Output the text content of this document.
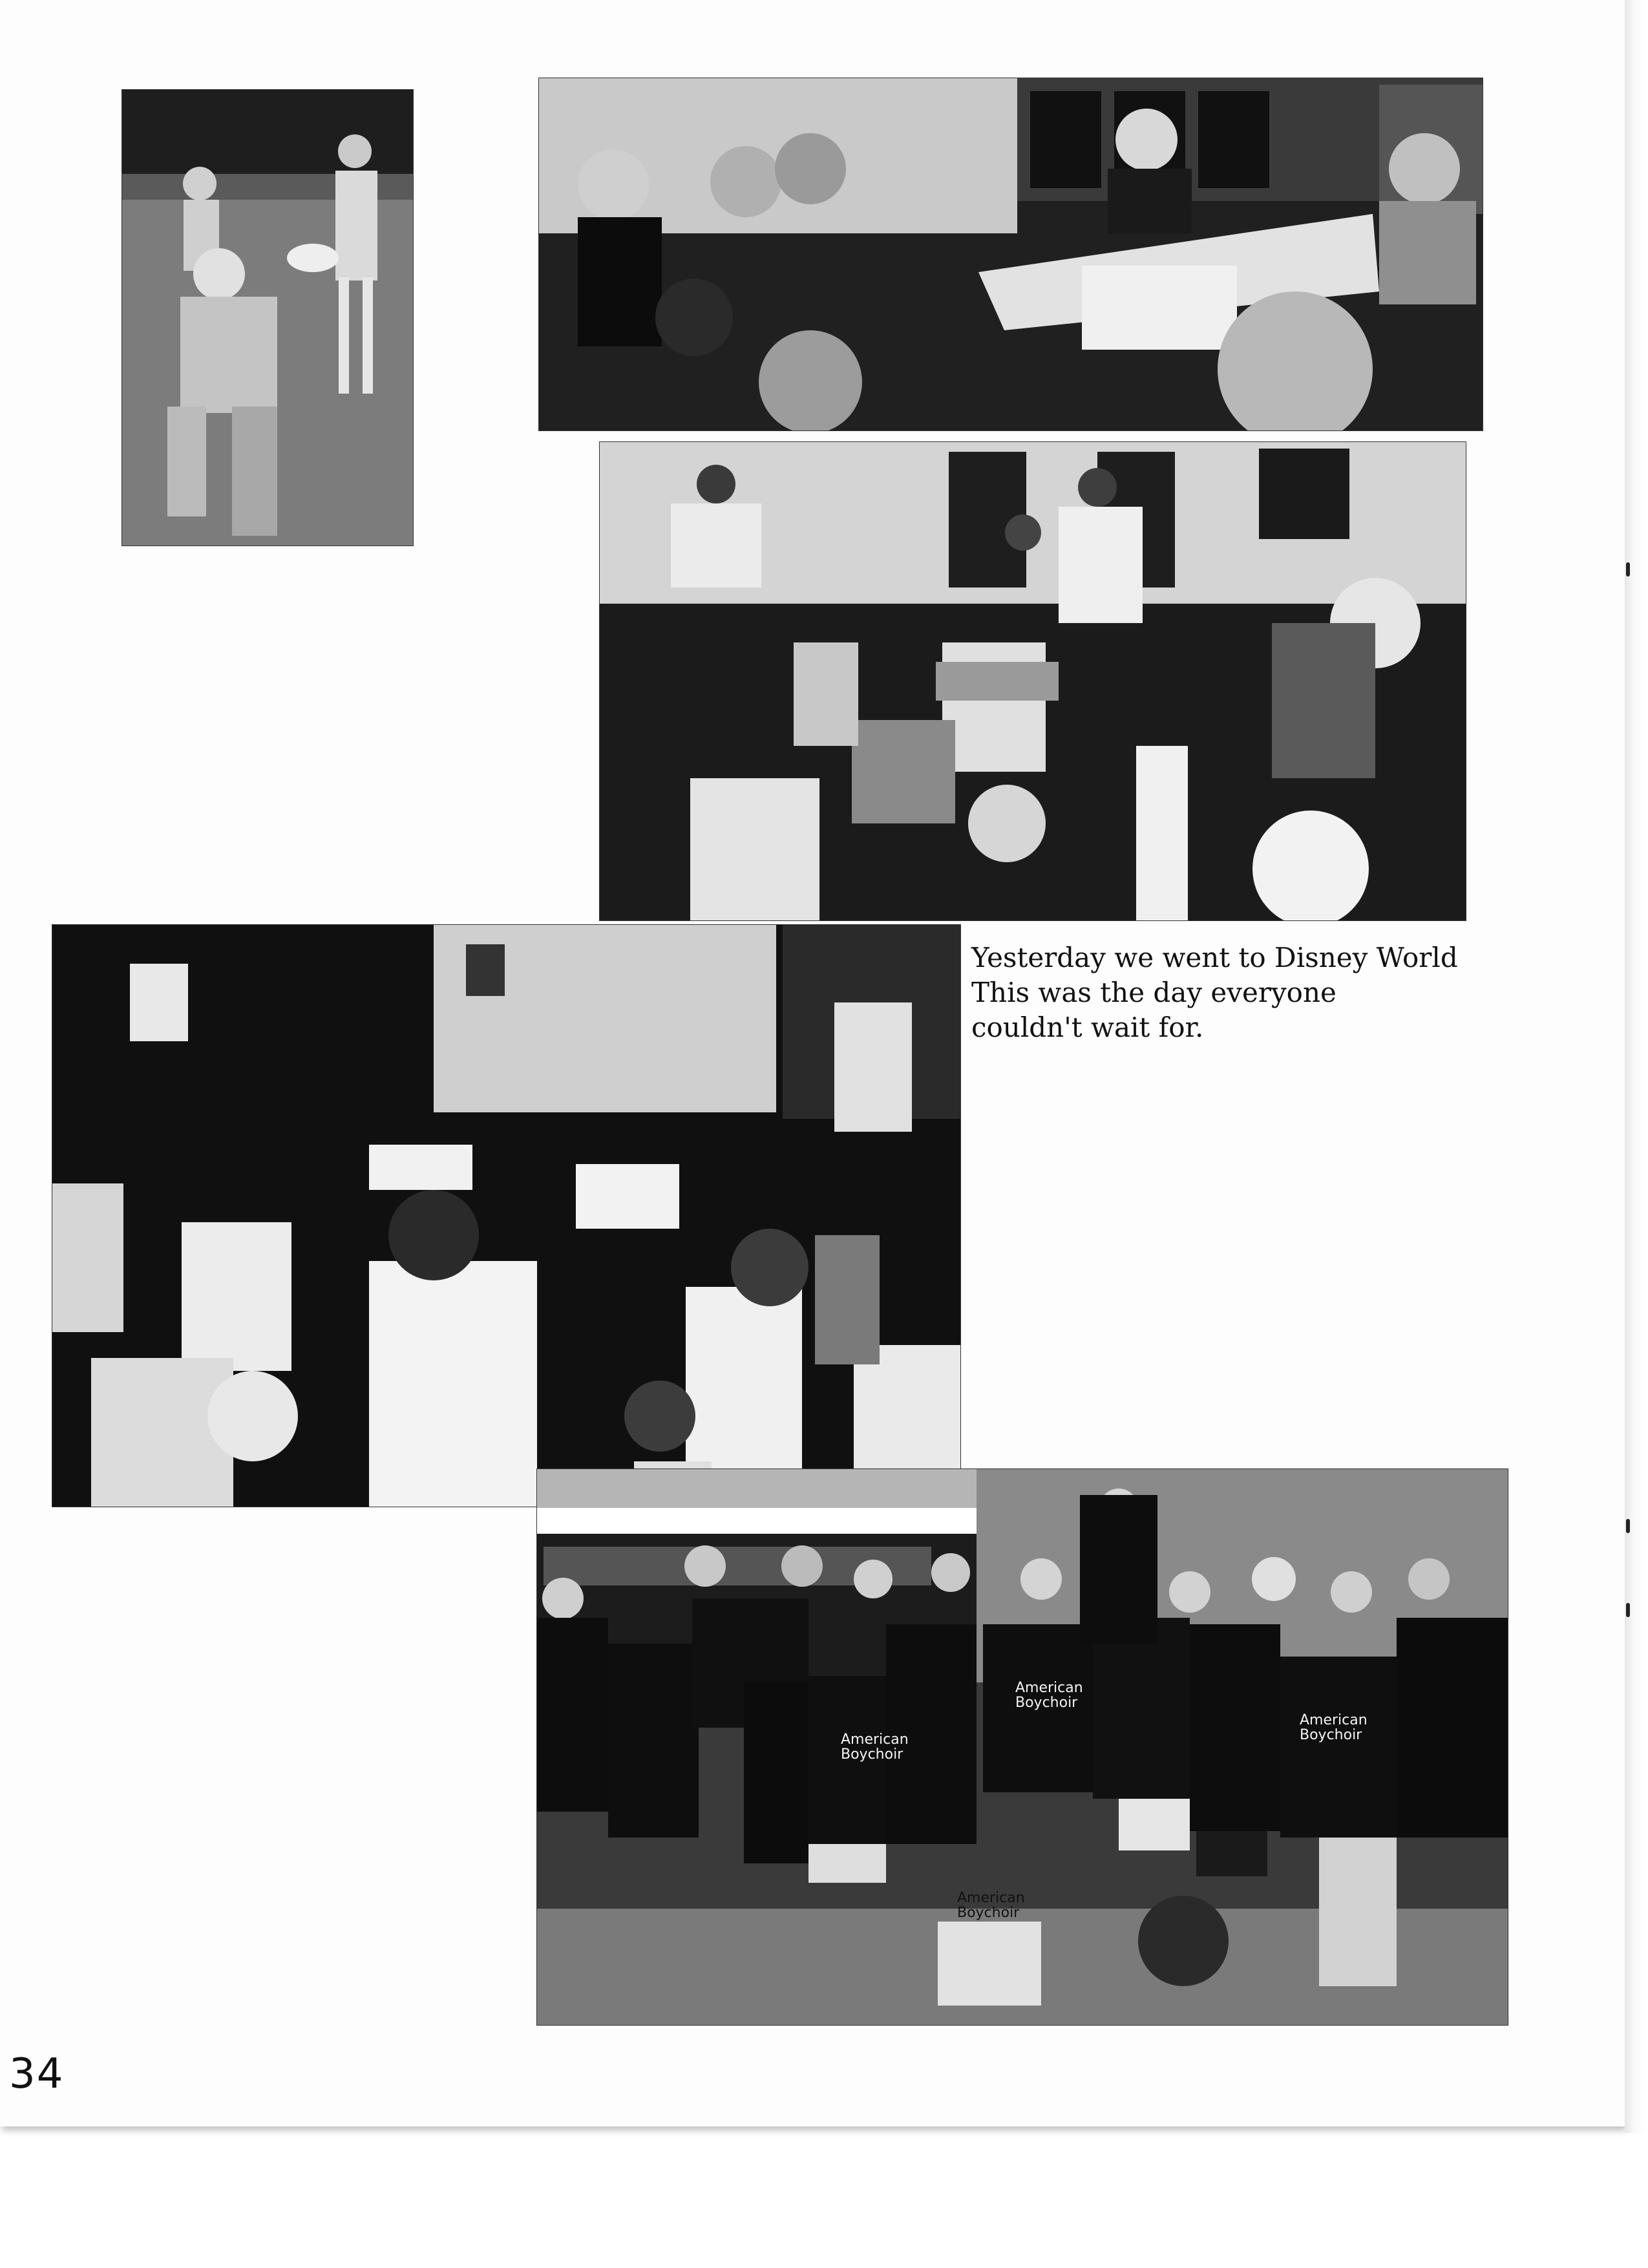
American
Boychoir
American
Boychoir
American
Boychoir
American
Boychoir
Yesterday we went to Disney World
This was the day everyone
couldn't wait for.
34
